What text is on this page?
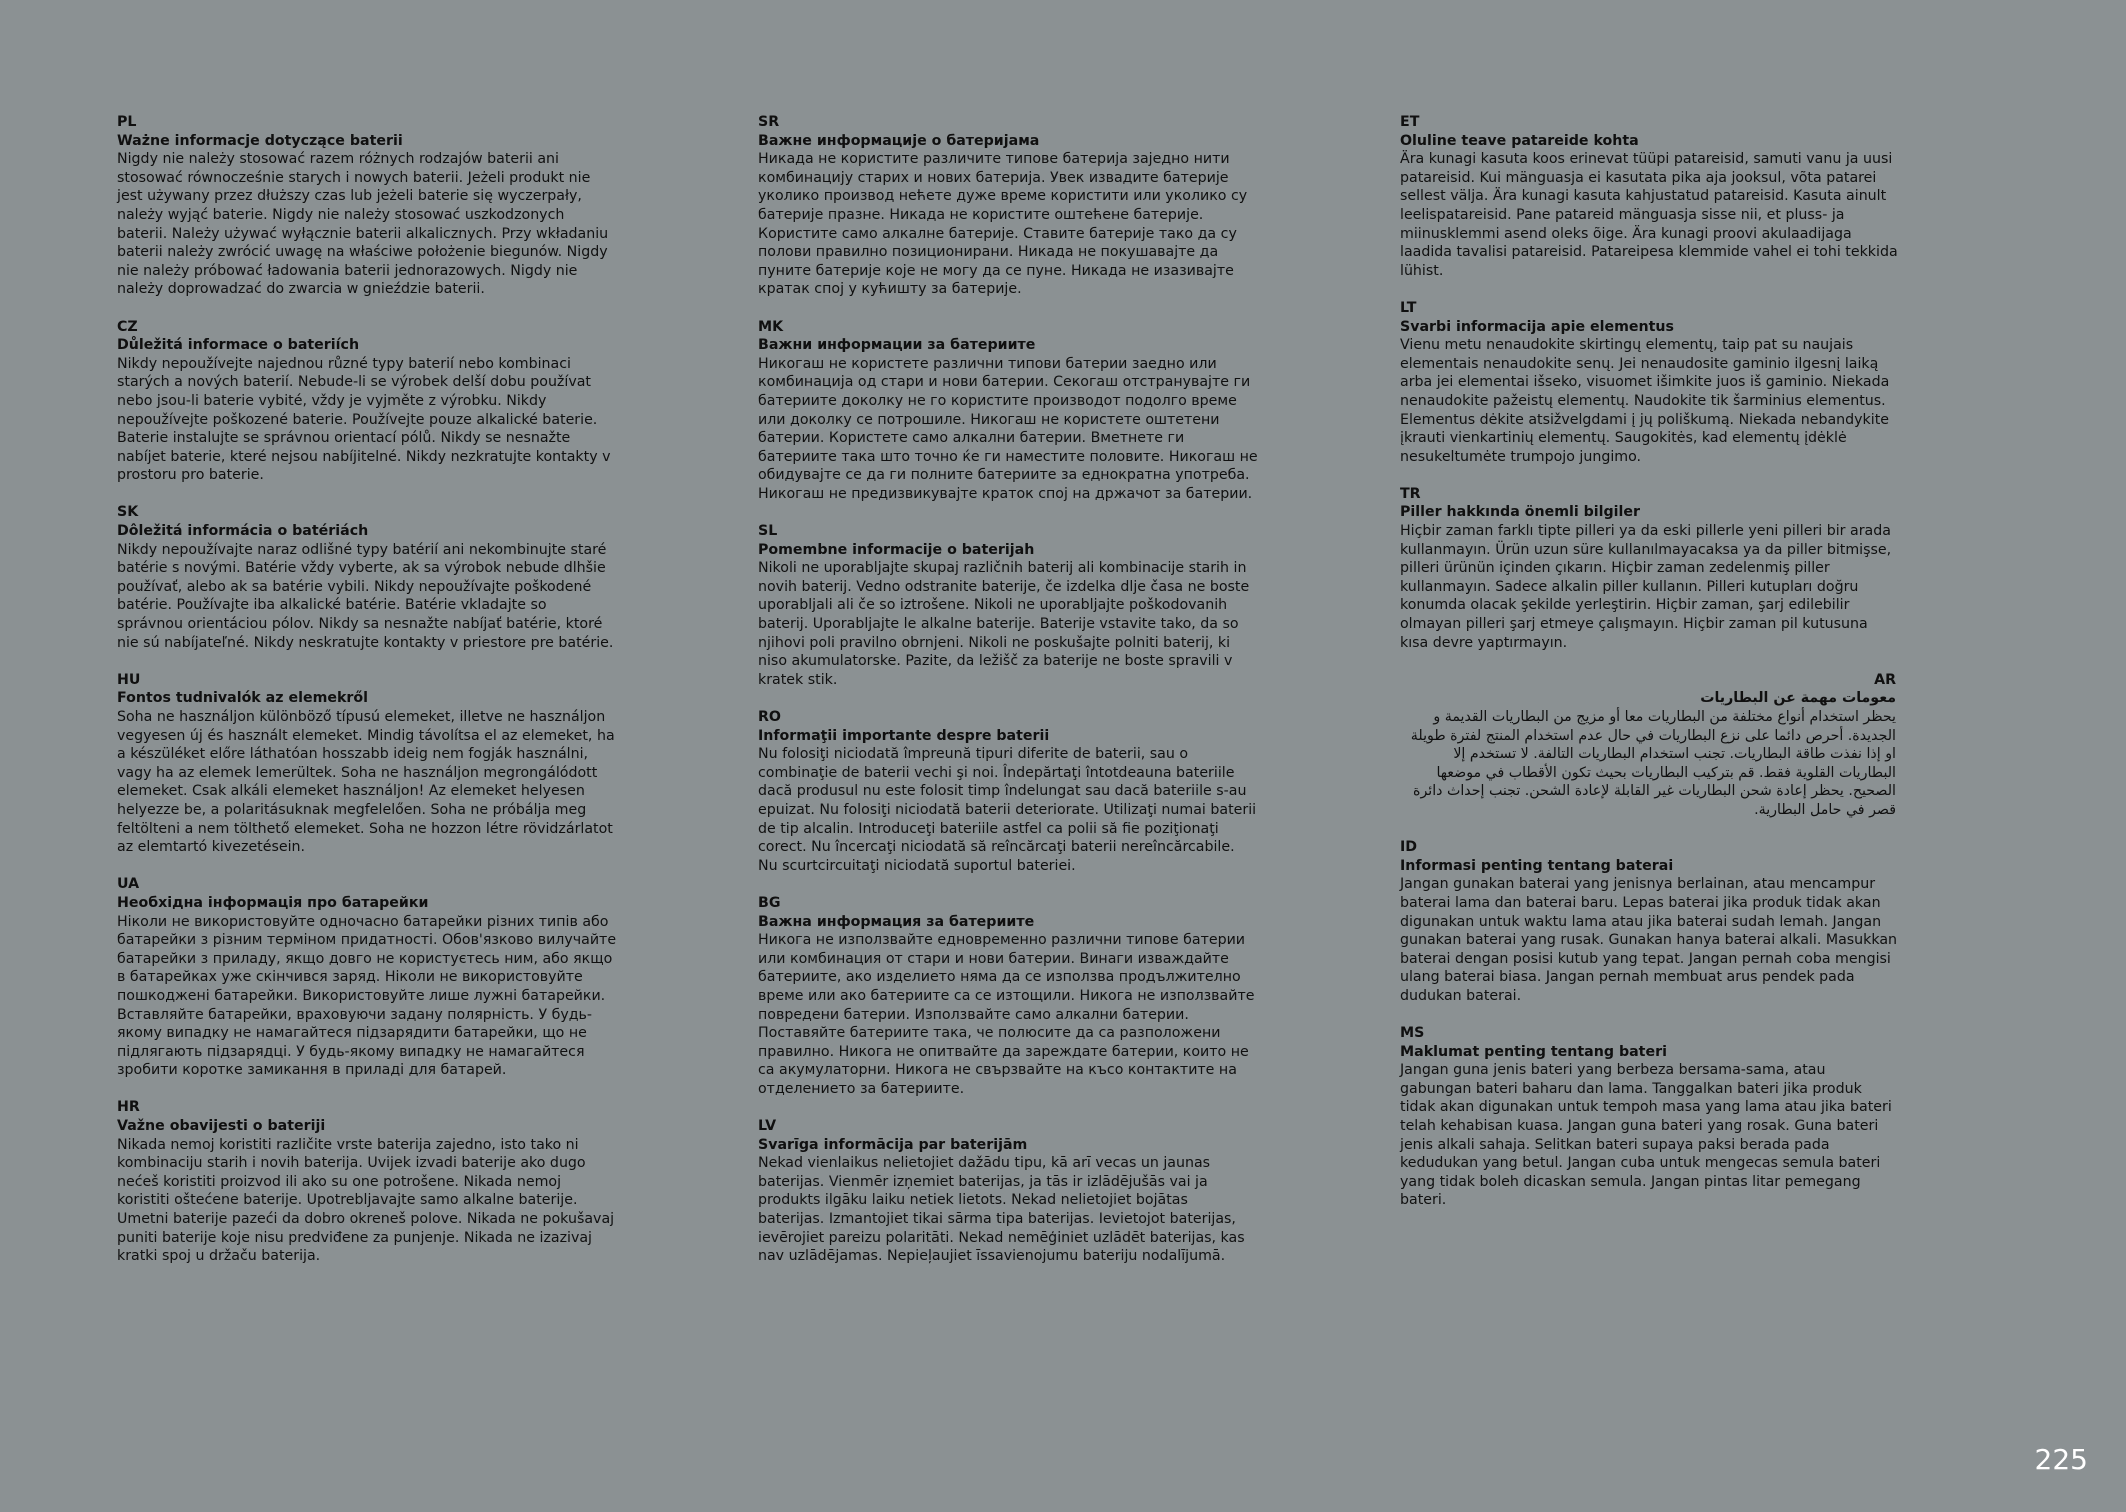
PL
Ważne informacje dotyczące baterii

Nigdy nie należy stosować razem różnych rodzajów baterii ani stosować równocześnie starych i nowych baterii. Jeżeli produkt nie jest używany przez dłuższy czas lub jeżeli baterie się wyczerpały, należy wyjąć baterie. Nigdy nie należy stosować uszkodzonych baterii. Należy używać wyłącznie baterii alkalicznych. Przy wkładaniu baterii należy zwrócić uwagę na właściwe położenie biegunów. Nigdy nie należy próbować ładowania baterii jednorazowych. Nigdy nie należy doprowadzać do zwarcia w gnieździe baterii.

CZ
Důležitá informace o bateriích

Nikdy nepoužívejte najednou různé typy baterií nebo kombinaci starých a nových baterií. Nebude-li se výrobek delší dobu používat nebo jsou-li baterie vybité, vždy je vyjměte z výrobku. Nikdy nepoužívejte poškozené baterie. Používejte pouze alkalické baterie. Baterie instalujte se správnou orientací pólů. Nikdy se nesnažte nabíjet baterie, které nejsou nabíjitelné. Nikdy nezkratujte kontakty v prostoru pro baterie.

SK
Dôležitá informácia o batériách

Nikdy nepoužívajte naraz odlišné typy batérií ani nekombinujte staré batérie s novými. Batérie vždy vyberte, ak sa výrobok nebude dlhšie používať, alebo ak sa batérie vybili. Nikdy nepoužívajte poškodené batérie. Používajte iba alkalické batérie. Batérie vkladajte so správnou orientáciou pólov. Nikdy sa nesnažte nabíjať batérie, ktoré nie sú nabíjateľné. Nikdy neskratujte kontakty v priestore pre batérie.

HU
Fontos tudnivalók az elemekről

Soha ne használjon különböző típusú elemeket, illetve ne használjon vegyesen új és használt elemeket. Mindig távolítsa el az elemeket, ha a készüléket előre láthatóan hosszabb ideig nem fogják használni, vagy ha az elemek lemerültek. Soha ne használjon megrongálódott elemeket. Csak alkáli elemeket használjon! Az elemeket helyesen helyezze be, a polaritásuknak megfelelően. Soha ne próbálja meg feltölteni a nem tölthető elemeket. Soha ne hozzon létre rövidzárlatot az elemtartó kivezetésein.

UA
Необхідна інформація про батарейки

Ніколи не використовуйте одночасно батарейки різних типів або батарейки з різним терміном придатності. Обов'язково вилучайте батарейки з приладу, якщо довго не користуєтесь ним, або якщо в батарейках уже скінчився заряд. Ніколи не використовуйте пошкоджені батарейки. Використовуйте лише лужні батарейки. Вставляйте батарейки, враховуючи задану полярність. У будь-якому випадку не намагайтеся підзарядити батарейки, що не підлягають підзарядці. У будь-якому випадку не намагайтеся зробити коротке замикання в приладі для батарей.

HR
Važne obavijesti o bateriji

Nikada nemoj koristiti različite vrste baterija zajedno, isto tako ni kombinaciju starih i novih baterija. Uvijek izvadi baterije ako dugo nećeš koristiti proizvod ili ako su one potrošene. Nikada nemoj koristiti oštećene baterije. Upotrebljavajte samo alkalne baterije. Umetni baterije pazeći da dobro okreneš polove. Nikada ne pokušavaj puniti baterije koje nisu predviđene za punjenje. Nikada ne izazivaj kratki spoj u držaču baterija.

SR
Важне информације о батеријама

Никада не користите различите типове батерија заједно нити комбинацију старих и нових батерија. Увек извадите батерије уколико производ нећете дуже време користити или уколико су батерије празне. Никада не користите оштећене батерије. Користите само алкалне батерије. Ставите батерије тако да су полови правилно позиционирани. Никада не покушавајте да пуните батерије које не могу да се пуне. Никада не изазивајте кратак спој у кућишту за батерије.

MK
Важни информации за батериите

Никогаш не користете различни типови батерии заедно или комбинација од стари и нови батерии. Секогаш отстранувајте ги батериите доколку не го користите производот подолго време или доколку се потрошиле. Никогаш не користете оштетени батерии. Користете само алкални батерии. Вметнете ги батериите така што точно ќе ги наместите половите. Никогаш не обидувајте се да ги полните батериите за еднократна употреба. Никогаш не предизвикувајте краток спој на држачот за батерии.

SL
Pomembne informacije o baterijah

Nikoli ne uporabljajte skupaj različnih baterij ali kombinacije starih in novih baterij. Vedno odstranite baterije, če izdelka dlje časa ne boste uporabljali ali če so iztrošene. Nikoli ne uporabljajte poškodovanih baterij. Uporabljajte le alkalne baterije. Baterije vstavite tako, da so njihovi poli pravilno obrnjeni. Nikoli ne poskušajte polniti baterij, ki niso akumulatorske. Pazite, da ležišč za baterije ne boste spravili v kratek stik.

RO
Informaţii importante despre baterii

Nu folosiţi niciodată împreună tipuri diferite de baterii, sau o combinaţie de baterii vechi şi noi. Îndepărtaţi întotdeauna bateriile dacă produsul nu este folosit timp îndelungat sau dacă bateriile s-au epuizat. Nu folosiţi niciodată baterii deteriorate. Utilizaţi numai baterii de tip alcalin. Introduceţi bateriile astfel ca polii să fie poziţionaţi corect. Nu încercaţi niciodată să reîncărcaţi baterii nereîncărcabile. Nu scurtcircuitaţi niciodată suportul bateriei.

BG
Важна информация за батериите

Никога не използвайте едновременно различни типове батерии или комбинация от стари и нови батерии. Винаги изваждайте батериите, ако изделието няма да се използва продължително време или ако батериите са се изтощили. Никога не използвайте повредени батерии. Използвайте само алкални батерии. Поставяйте батериите така, че полюсите да са разположени правилно. Никога не опитвайте да зареждате батерии, които не са акумулаторни. Никога не свързвайте на късо контактите на отделението за батериите.

LV
Svarīga informācija par baterijām

Nekad vienlaikus nelietojiet dažādu tipu, kā arī vecas un jaunas baterijas. Vienmēr izņemiet baterijas, ja tās ir izlādējušās vai ja produkts ilgāku laiku netiek lietots. Nekad nelietojiet bojātas baterijas. Izmantojiet tikai sārma tipa baterijas. Ievietojot baterijas, ievērojiet pareizu polaritāti. Nekad nemēģiniet uzlādēt baterijas, kas nav uzlādējamas. Nepieļaujiet īssavienojumu bateriju nodalījumā.

ET
Oluline teave patareide kohta

Ära kunagi kasuta koos erinevat tüüpi patareisid, samuti vanu ja uusi patareisid. Kui mänguasja ei kasutata pika aja jooksul, võta patarei sellest välja. Ära kunagi kasuta kahjustatud patareisid. Kasuta ainult leelispatareisid. Pane patareid mänguasja sisse nii, et pluss- ja miinusklemmi asend oleks õige. Ära kunagi proovi akulaadijaga laadida tavalisi patareisid. Patareipesa klemmide vahel ei tohi tekkida lühist.

LT
Svarbi informacija apie elementus

Vienu metu nenaudokite skirtingų elementų, taip pat su naujais elementais nenaudokite senų. Jei nenaudosite gaminio ilgesnį laiką arba jei elementai išseko, visuomet išimkite juos iš gaminio. Niekada nenaudokite pažeistų elementų. Naudokite tik šarminius elementus. Elementus dėkite atsižvelgdami į jų poliškumą. Niekada nebandykite įkrauti vienkartinių elementų. Saugokitės, kad elementų įdėklė nesukeltumėte trumpojo jungimo.

TR
Piller hakkında önemli bilgiler

Hiçbir zaman farklı tipte pilleri ya da eski pillerle yeni pilleri bir arada kullanmayın. Ürün uzun süre kullanılmayacaksa ya da piller bitmişse, pilleri ürünün içinden çıkarın. Hiçbir zaman zedelenmiş piller kullanmayın. Sadece alkalin piller kullanın. Pilleri kutupları doğru konumda olacak şekilde yerleştirin. Hiçbir zaman, şarj edilebilir olmayan pilleri şarj etmeye çalışmayın. Hiçbir zaman pil kutusuna kısa devre yaptırmayın.

AR
معومات مهمة عن البطاريات

يحظر استخدام أنواع مختلفة من البطاريات معا أو مزيج من البطاريات القديمة و الجديدة. أحرص دائما على نزع البطاريات في حال عدم استخدام المنتج لفترة طويلة او إذا نفذت طاقة البطاريات. تجنب استخدام البطاريات التالفة. لا تستخدم إلا البطاريات القلوية فقط. قم بتركيب البطاريات بحيث تكون الأقطاب في موضعها الصحيح. يحظر إعادة شحن البطاريات غير القابلة لإعادة الشحن. تجنب إحداث دائرة قصر في حامل البطارية.

ID
Informasi penting tentang baterai

Jangan gunakan baterai yang jenisnya berlainan, atau mencampur baterai lama dan baterai baru. Lepas baterai jika produk tidak akan digunakan untuk waktu lama atau jika baterai sudah lemah. Jangan gunakan baterai yang rusak. Gunakan hanya baterai alkali. Masukkan baterai dengan posisi kutub yang tepat. Jangan pernah coba mengisi ulang baterai biasa. Jangan pernah membuat arus pendek pada dudukan baterai.

MS
Maklumat penting tentang bateri

Jangan guna jenis bateri yang berbeza bersama-sama, atau gabungan bateri baharu dan lama. Tanggalkan bateri jika produk tidak akan digunakan untuk tempoh masa yang lama atau jika bateri telah kehabisan kuasa. Jangan guna bateri yang rosak. Guna bateri jenis alkali sahaja. Selitkan bateri supaya paksi berada pada kedudukan yang betul. Jangan cuba untuk mengecas semula bateri yang tidak boleh dicaskan semula. Jangan pintas litar pemegang bateri.

225
